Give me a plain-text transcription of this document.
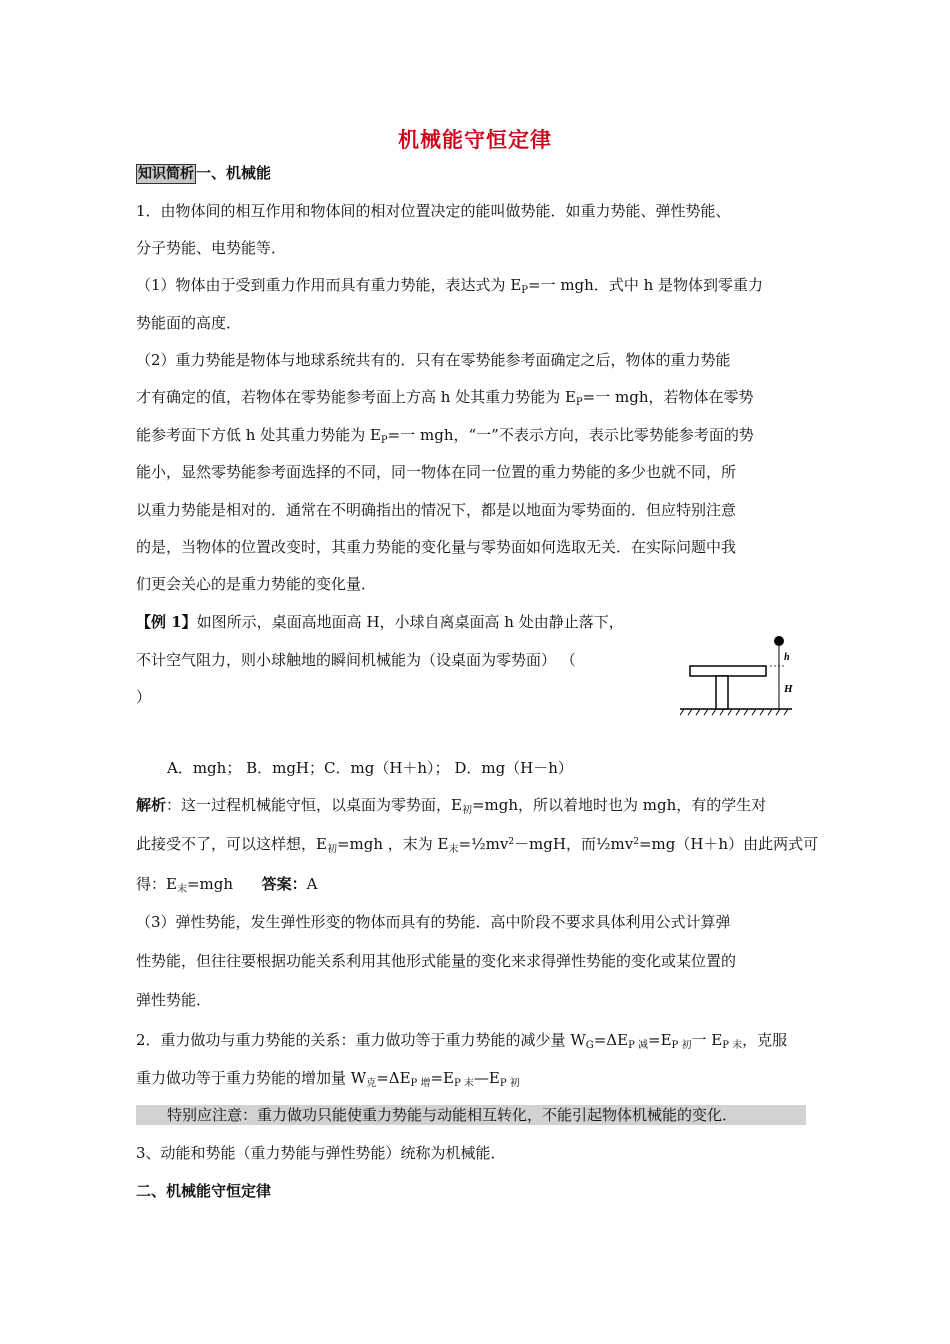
机械能守恒定律
知识简析 一、机械能
1．由物体间的相互作用和物体间的相对位置决定的能叫做势能．如重力势能、弹性势能、
分子势能、电势能等．
（1）物体由于受到重力作用而具有重力势能，表达式为 $E_P=$一 mgh．式中 h 是物体到零重力
势能面的高度．
（2）重力势能是物体与地球系统共有的．只有在零势能参考面确定之后，物体的重力势能
才有确定的值，若物体在零势能参考面上方高 h 处其重力势能为 $E_P=$一 mgh，若物体在零势
能参考面下方低 h 处其重力势能为 $E_P=$一 mgh，“一”不表示方向，表示比零势能参考面的势
能小，显然零势能参考面选择的不同，同一物体在同一位置的重力势能的多少也就不同，所
以重力势能是相对的．通常在不明确指出的情况下，都是以地面为零势面的．但应特别注意
的是，当物体的位置改变时，其重力势能的变化量与零势面如何选取无关．在实际问题中我
们更会关心的是重力势能的变化量．
【例 1】如图所示，桌面高地面高 H，小球自离桌面高 h 处由静止落下，
不计空气阻力，则小球触地的瞬间机械能为（设桌面为零势面） （
）
h
H
A．mgh； B．mgH；C．mg（H＋h）； D．mg（H－h）
解析：这一过程机械能守恒，以桌面为零势面，$E_初=mgh$，所以着地时也为 mgh，有的学生对
此接受不了，可以这样想，$E_初=mgh$ ，末为 $E_末=\frac{1}{2}mv^2-mgH$，而$\frac{1}{2}mv^2=mg(H+h)$由此两式可
得：$E_末=mgh$ 答案：A
（3）弹性势能，发生弹性形变的物体而具有的势能．高中阶段不要求具体利用公式计算弹
性势能，但往往要根据功能关系利用其他形式能量的变化来求得弹性势能的变化或某位置的
弹性势能．
2．重力做功与重力势能的关系：重力做功等于重力势能的减少量 $W_G=\Delta E_{P 减}=E_{P 初}$一 $E_{P 末}$，克服
重力做功等于重力势能的增加量 $W_克=\Delta E_{P 增}=E_{P 末}—E_{P 初}$
特别应注意：重力做功只能使重力势能与动能相互转化，不能引起物体机械能的变化．
3、动能和势能（重力势能与弹性势能）统称为机械能．
二、机械能守恒定律
